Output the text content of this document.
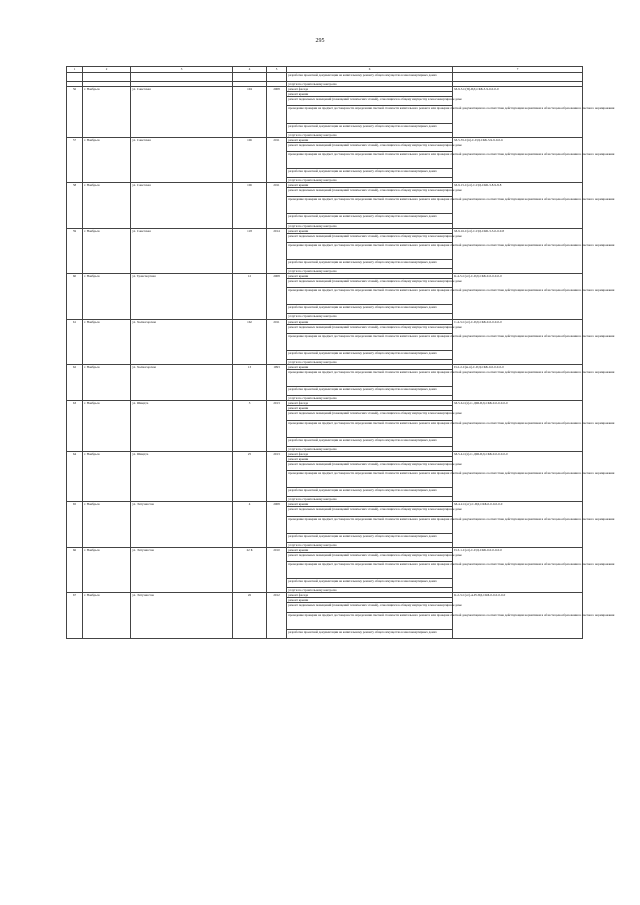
295
1	2	3	4	5	6	7
					разработка проектной документации на капитальному ремонту общего имущества в многоквартирных домах	
					услуги по строительному контролю	
56	г. Ноябрьск	ул. Советская	104	2008	ремонт фасада	М-9-3-С(П)-ПД-СКБ-3-9-0-0-0-0
					ремонт крыши	
					ремонт подвальных помещений (помещений технических этажей), относящихся к общему имуществу в многоквартирном доме	
					проведение проверки на предмет достоверности определения сметной стоимости капитального ремонта или проверки сметной документации на соответствие действующим нормативам в области ценообразования в сметного нормирования	
					разработка проектной документации на капитальному ремонту общего имущества в многоквартирных домах	
					услуги по строительному контролю	
57	г. Ноябрьск	ул. Советская	106	2011	ремонт крыши	М-5-35-С(п)-С-ПД-СКБ-3-9-9-0-0-6
					ремонт подвальных помещений (помещений технических этажей), относящихся к общему имуществу в многоквартирном доме	
					проведение проверки на предмет достоверности определения сметной стоимости капитального ремонта или проверки сметной документации на соответствие действующим нормативам в области ценообразования в сметного нормирования	
					разработка проектной документации на капитальному ремонту общего имущества в многоквартирных домах	
					услуги по строительному контролю	
58	г. Ноябрьск	ул. Советская	106	2011	ремонт крыши	М-9-15-С(от)-С-ПД-СКБ-3-8-9-8-8
					ремонт подвальных помещений (помещений технических этажей), относящихся к общему имуществу в многоквартирном доме	
					проведение проверки на предмет достоверности определения сметной стоимости капитального ремонта или проверки сметной документации на соответствие действующим нормативам в области ценообразования в сметного нормирования	
					разработка проектной документации на капитальному ремонту общего имущества в многоквартирных домах	
					услуги по строительному контролю	
59	г. Ноябрьск	ул. Советская	118	2014	ремонт крыши	М-9-16-С(от)-С-ПД-СКБ-3-3-0-0-0-8
					ремонт подвальных помещений (помещений технических этажей), относящихся к общему имуществу в многоквартирном доме	
					проведение проверки на предмет достоверности определения сметной стоимости капитального ремонта или проверки сметной документации на соответствие действующим нормативам в области ценообразования в сметного нормирования	
					разработка проектной документации на капитальному ремонту общего имущества в многоквартирных домах	
					услуги по строительному контролю	
60	г. Ноябрьск	ул. Транспортная	12	2008	ремонт крыши	К-4-5-С(от)-С-ПД-СКБ-0-0-0-0-0-0
					ремонт подвальных помещений (помещений технических этажей), относящихся к общему имуществу в многоквартирном доме	
					проведение проверки на предмет достоверности определения сметной стоимости капитального ремонта или проверки сметной документации на соответствие действующим нормативам в области ценообразования в сметного нормирования	
					разработка проектной документации на капитальному ремонту общего имущества в многоквартирных домах	
					услуги по строительному контролю	
61	г. Ноябрьск	ул. Холмогорская	162	2011	ремонт крыши	С-4-3-С(от)-С-ПД-СКБ-0-0-0-0-0-0
					ремонт подвальных помещений (помещений технических этажей), относящихся к общему имуществу в многоквартирном доме	
					проведение проверки на предмет достоверности определения сметной стоимости капитального ремонта или проверки сметной документации на соответствие действующим нормативам в области ценообразования в сметного нормирования	
					разработка проектной документации на капитальному ремонту общего имущества в многоквартирных домах	
					услуги по строительному контролю	
62	г. Ноябрьск	ул. Холмогорская	13	1993	ремонт крыши	П-2-2-С(м-п)-С-ПД-СКБ-0-0-0-0-0-0
					проведение проверки на предмет достоверности определения сметной стоимости капитального ремонта или проверки сметной документации на соответствие действующим нормативам в области ценообразования в сметного нормирования	
					разработка проектной документации на капитальному ремонту общего имущества в многоквартирных домах	
					услуги по строительному контролю	
63	г. Ноябрьск	ул. Шмидта	3	2013	ремонт фасада	М-5-6-С(п)-С-ДШ-ПД-СКБ-0-0-0-0-0-0
					ремонт крыши	
					ремонт подвальных помещений (помещений технических этажей), относящихся к общему имуществу в многоквартирном доме	
					проведение проверки на предмет достоверности определения сметной стоимости капитального ремонта или проверки сметной документации на соответствие действующим нормативам в области ценообразования в сметного нормирования	
					разработка проектной документации на капитальному ремонту общего имущества в многоквартирных домах	
					услуги по строительному контролю	
64	г. Ноябрьск	ул. Шмидта	25	2013	ремонт фасада	М-5-4-С(п)-С-ДШ-ПД-СКБ-0-0-0-0-0-0
					ремонт крыши	
					ремонт подвальных помещений (помещений технических этажей), относящихся к общему имуществу в многоквартирном доме	
					проведение проверки на предмет достоверности определения сметной стоимости капитального ремонта или проверки сметной документации на соответствие действующим нормативам в области ценообразования в сметного нормирования	
					разработка проектной документации на капитальному ремонту общего имущества в многоквартирных домах	
					услуги по строительному контролю	
65	г. Ноябрьск	ул. Энтузиастов	4	2008	ремонт крыши	М-4-2-С(от)-С-ПД-СКБ-0-0-0-0-0-0
					ремонт подвальных помещений (помещений технических этажей), относящихся к общему имуществу в многоквартирном доме	
					проведение проверки на предмет достоверности определения сметной стоимости капитального ремонта или проверки сметной документации на соответствие действующим нормативам в области ценообразования в сметного нормирования	
					разработка проектной документации на капитальному ремонту общего имущества в многоквартирных домах	
					услуги по строительному контролю	
66	г. Ноябрьск	ул. Энтузиастов	22 Б	2010	ремонт крыши	П-3-1-С(от)-С-ПД-СКБ-0-0-0-0-0-0
					ремонт подвальных помещений (помещений технических этажей), относящихся к общему имуществу в многоквартирном доме	
					проведение проверки на предмет достоверности определения сметной стоимости капитального ремонта или проверки сметной документации на соответствие действующим нормативам в области ценообразования в сметного нормирования	
					разработка проектной документации на капитальному ремонту общего имущества в многоквартирных домах	
					услуги по строительному контролю	
67	г. Ноябрьск	ул. Энтузиастов	26	2012	ремонт фасада	К-2-3-С(от)-А-Н-ПД-СКБ-0-0-0-0-0-0
					ремонт крыши	
					ремонт подвальных помещений (помещений технических этажей), относящихся к общему имуществу в многоквартирном доме	
					проведение проверки на предмет достоверности определения сметной стоимости капитального ремонта или проверки сметной документации на соответствие действующим нормативам в области ценообразования в сметного нормирования	
					разработка проектной документации на капитальному ремонту общего имущества в многоквартирных домах	
